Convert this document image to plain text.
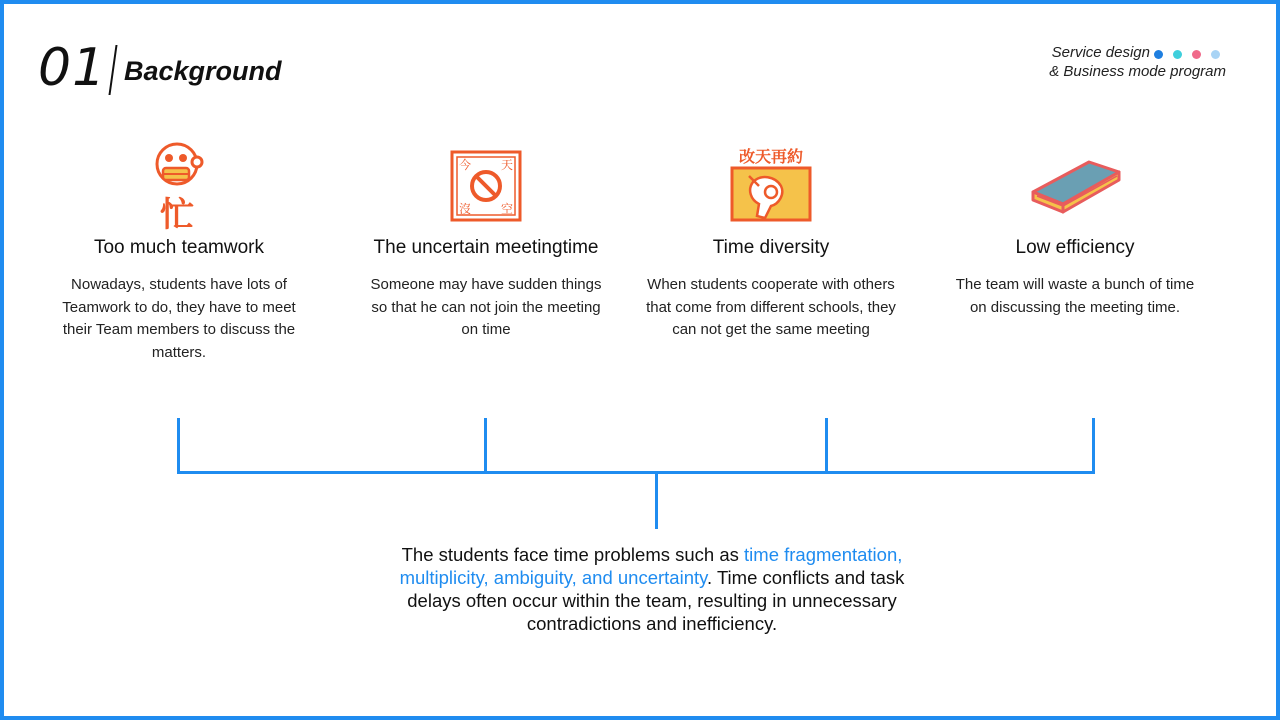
01 Background
Service design
& Business mode program
忙
Too much teamwork
Nowadays, students have lots of Teamwork to do, they have to meet their Team members to discuss the matters.
今 天
沒 空
The uncertain meetingtime
Someone may have sudden things so that he can not join the meeting on time
改天再約
Time diversity
When students cooperate with others that come from different schools, they can not get the same meeting
Low efficiency
The team will waste a bunch of time on discussing the meeting time.
The students face time problems such as time fragmentation, multiplicity, ambiguity, and uncertainty. Time conflicts and task delays often occur within the team, resulting in unnecessary contradictions and inefficiency.
